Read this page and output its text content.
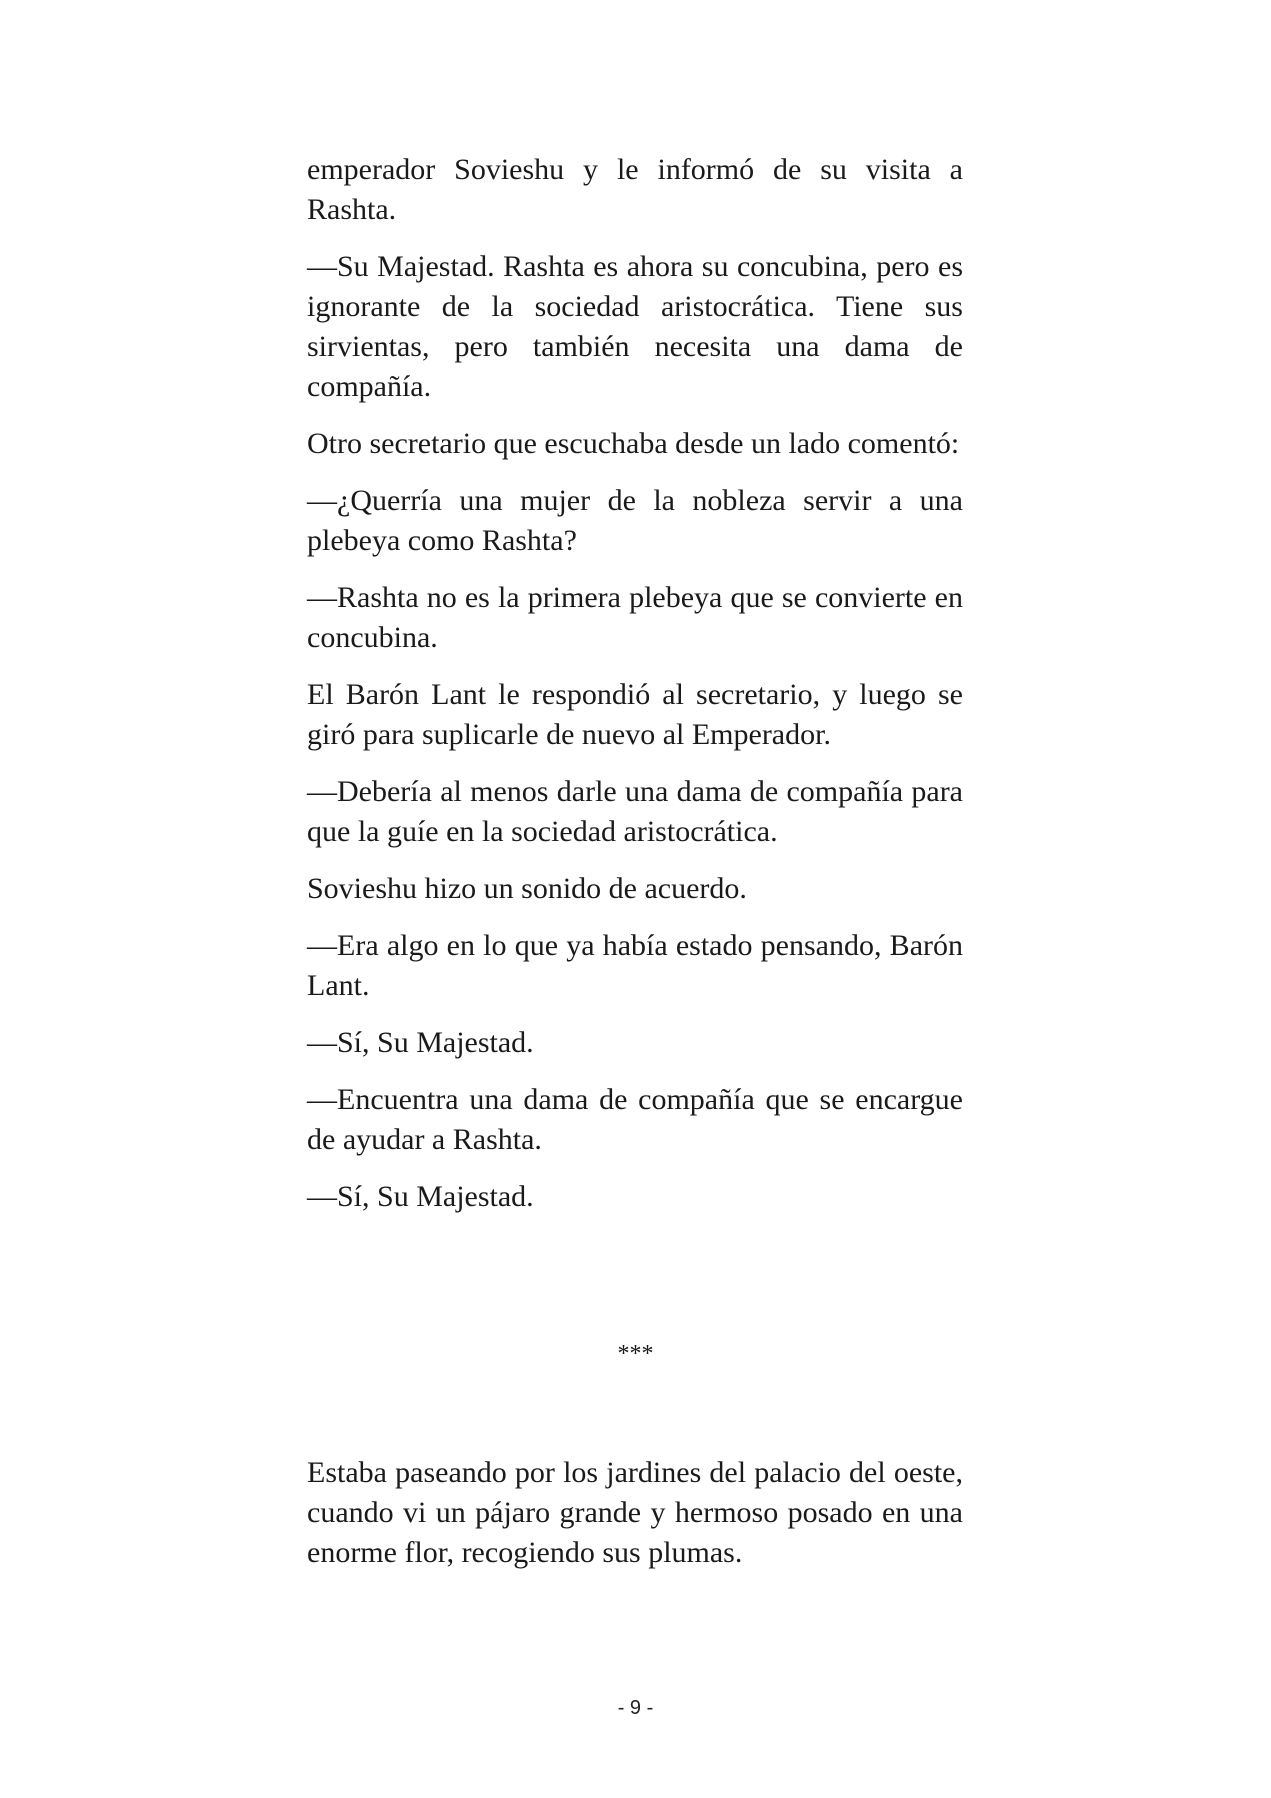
emperador Sovieshu y le informó de su visita a Rashta.

—Su Majestad. Rashta es ahora su concubina, pero es ignorante de la sociedad aristocrática. Tiene sus sirvientas, pero también necesita una dama de compañía.

Otro secretario que escuchaba desde un lado comentó:

—¿Querría una mujer de la nobleza servir a una plebeya como Rashta?

—Rashta no es la primera plebeya que se convierte en concubina.

El Barón Lant le respondió al secretario, y luego se giró para suplicarle de nuevo al Emperador.

—Debería al menos darle una dama de compañía para que la guíe en la sociedad aristocrática.

Sovieshu hizo un sonido de acuerdo.

—Era algo en lo que ya había estado pensando, Barón Lant.

—Sí, Su Majestad.

—Encuentra una dama de compañía que se encargue de ayudar a Rashta.

—Sí, Su Majestad.

***

Estaba paseando por los jardines del palacio del oeste, cuando vi un pájaro grande y hermoso posado en una enorme flor, recogiendo sus plumas.

- 9 -
